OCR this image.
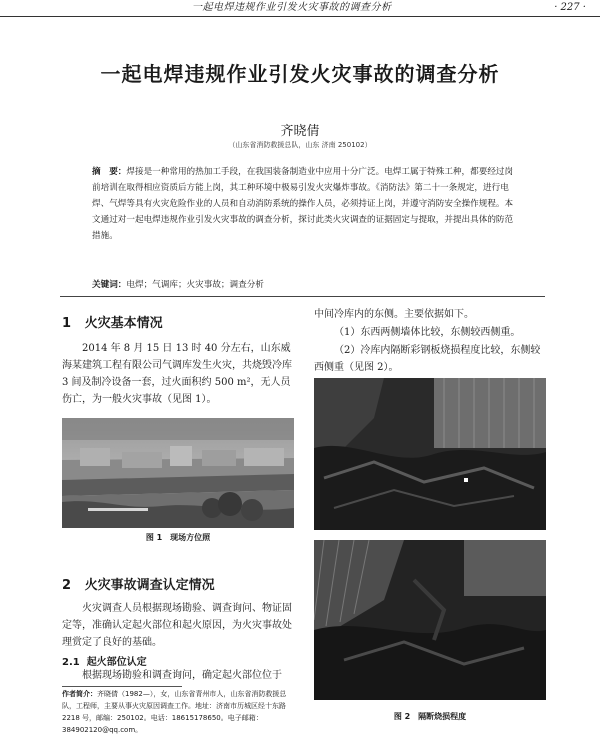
一起电焊违规作业引发火灾事故的调查分析	· 227 ·
一起电焊违规作业引发火灾事故的调查分析
齐晓倩
（山东省消防救援总队，山东 济南 250102）
摘　要：焊接是一种常用的热加工手段，在我国装备制造业中应用十分广泛。电焊工属于特殊工种，都要经过岗前培训在取得相应资质后方能上岗，其工种环境中极易引发火灾爆炸事故。《消防法》第二十一条规定，进行电焊、气焊等具有火灾危险作业的人员和自动消防系统的操作人员，必须持证上岗，并遵守消防安全操作规程。本文通过对一起电焊违规作业引发火灾事故的调查分析，探讨此类火灾调查的证据固定与提取，并提出具体的防范措施。
关键词：电焊；气调库；火灾事故；调查分析
1 火灾基本情况

2014 年 8 月 15 日 13 时 40 分左右，山东威海某建筑工程有限公司气调库发生火灾，共烧毁冷库 3 间及制冷设备一套，过火面积约 500 m²，无人员伤亡，为一般火灾事故（见图 1）。

图 1　现场方位照
2 火灾事故调查认定情况

火灾调查人员根据现场勘验、调查询问、物证固定等，准确认定起火部位和起火原因，为火灾事故处理赏定了良好的基础。

2.1 起火部位认定

根据现场勘验和调查询问，确定起火部位位于

作者简介：齐晓倩（1982—），女，山东省青州市人，山东省消防救援总队，工程师，主要从事火灾原因调查工作。地址：济南市历城区经十东路 2218 号，邮编：250102。电话：18615178650。电子邮箱：384902120@qq.com。

中间冷库内的东侧。主要依据如下。

（1）东西两侧墙体比较，东侧较西侧重。

（2）冷库内隔断彩钢板烧损程度比较，东侧较西侧重（见图 2）。

图 2　隔断烧损程度
